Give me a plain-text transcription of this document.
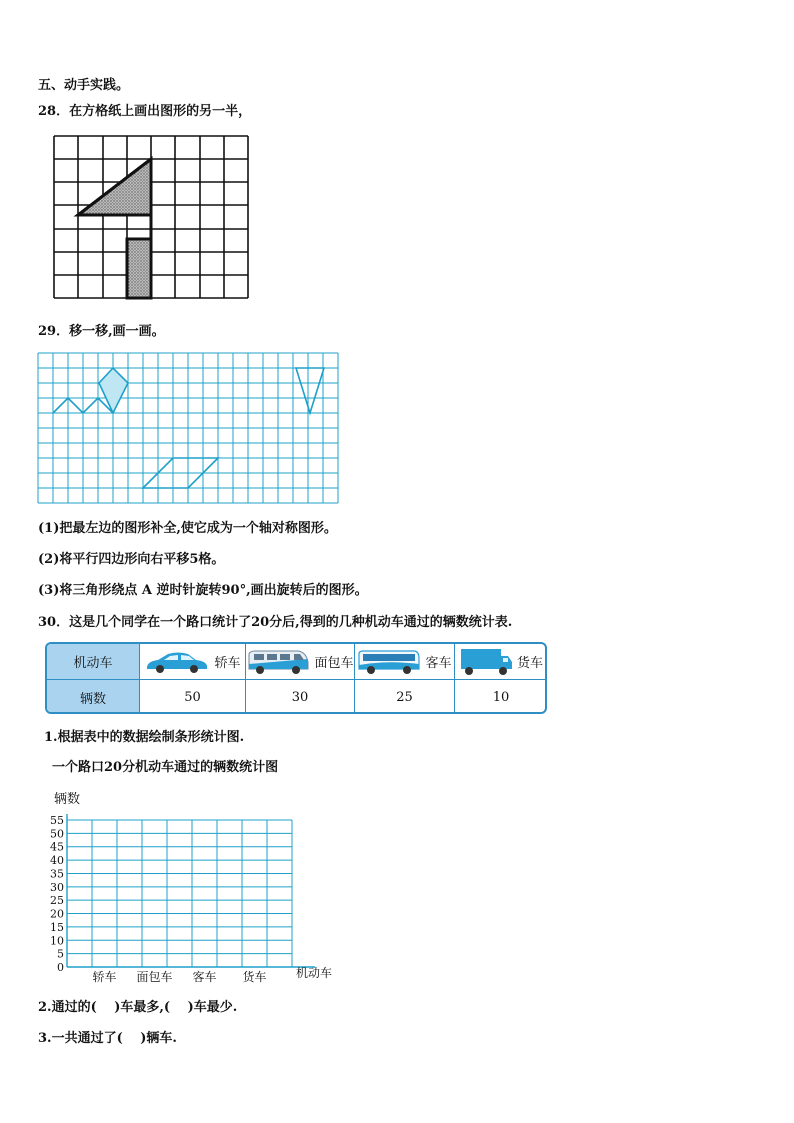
五、动手实践。
28．在方格纸上画出图形的另一半，
29．移一移,画一画。
(1)把最左边的图形补全,使它成为一个轴对称图形。
(2)将平行四边形向右平移5格。
(3)将三角形绕点 A 逆时针旋转90°,画出旋转后的图形。
30．这是几个同学在一个路口统计了20分后,得到的几种机动车通过的辆数统计表.
机动车	轿车	面包车	客车	货车
辆数	50	30	25	10
1.根据表中的数据绘制条形统计图.
一个路口20分机动车通过的辆数统计图
辆数
0
5
10
15
20
25
30
35
40
45
50
55
轿车 面包车 客车 货车 机动车
2.通过的(　 )车最多,(　 )车最少.
3.一共通过了(　 )辆车.
